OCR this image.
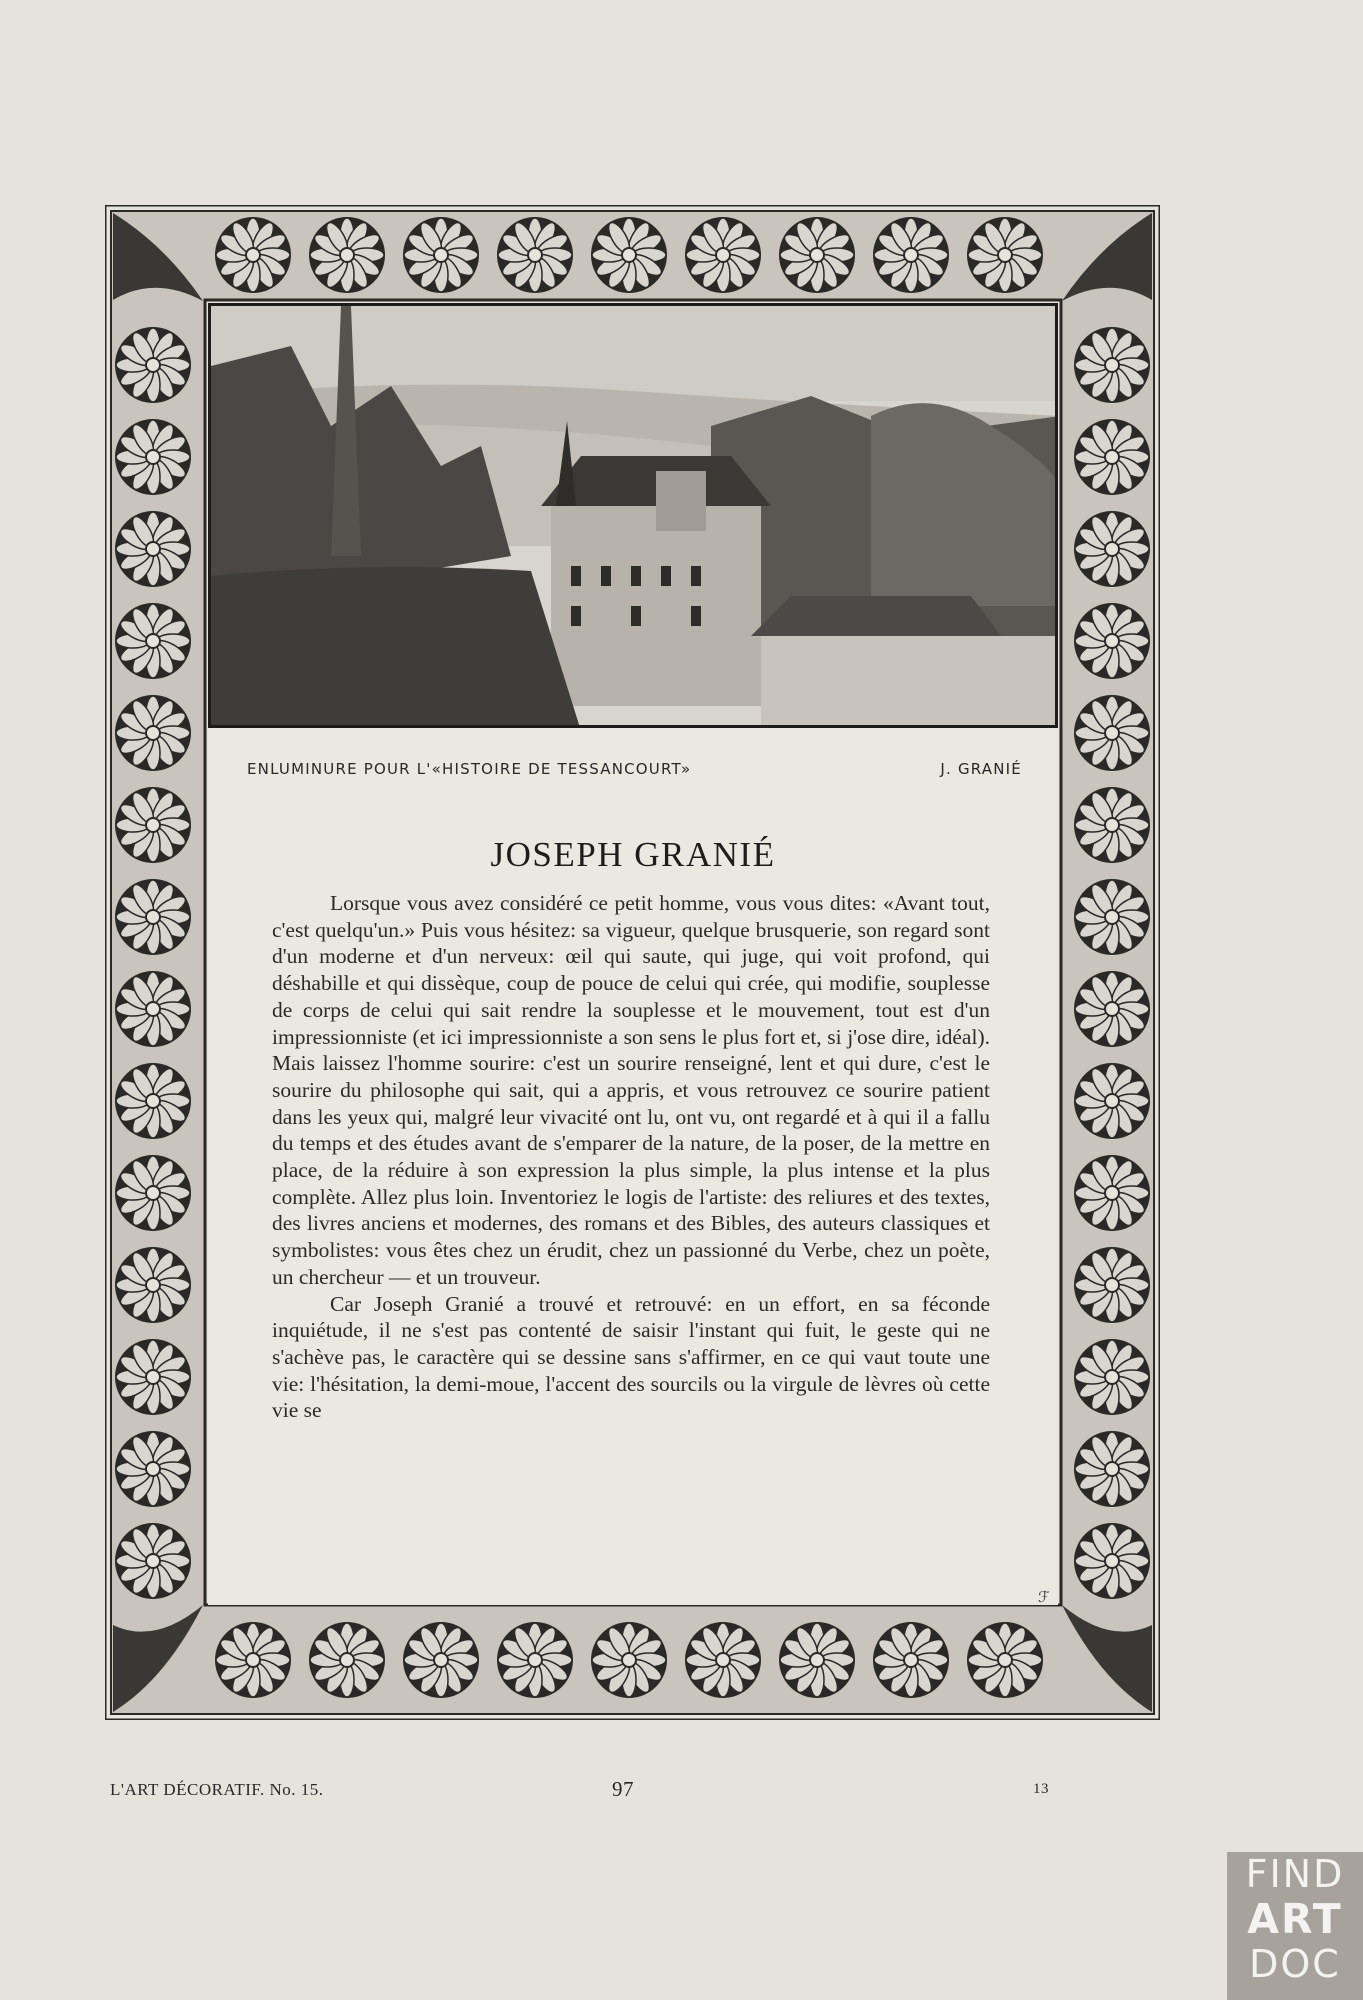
ENLUMINURE POUR L'«HISTOIRE DE TESSANCOURT»	J. GRANIÉ
JOSEPH GRANIÉ

Lorsque vous avez considéré ce petit homme, vous vous dites: «Avant tout, c'est quelqu'un.» Puis vous hésitez: sa vigueur, quelque brusquerie, son regard sont d'un moderne et d'un nerveux: œil qui saute, qui juge, qui voit profond, qui déshabille et qui dissèque, coup de pouce de celui qui crée, qui modifie, souplesse de corps de celui qui sait rendre la souplesse et le mouvement, tout est d'un impressionniste (et ici impressionniste a son sens le plus fort et, si j'ose dire, idéal). Mais laissez l'homme sourire: c'est un sourire renseigné, lent et qui dure, c'est le sourire du philosophe qui sait, qui a appris, et vous retrouvez ce sourire patient dans les yeux qui, malgré leur vivacité ont lu, ont vu, ont regardé et à qui il a fallu du temps et des études avant de s'emparer de la nature, de la poser, de la mettre en place, de la réduire à son expression la plus simple, la plus intense et la plus complète. Allez plus loin. Inventoriez le logis de l'artiste: des reliures et des textes, des livres anciens et modernes, des romans et des Bibles, des auteurs classiques et symbolistes: vous êtes chez un érudit, chez un passionné du Verbe, chez un poète, un chercheur — et un trouveur.

Car Joseph Granié a trouvé et retrouvé: en un effort, en sa féconde inquiétude, il ne s'est pas contenté de saisir l'instant qui fuit, le geste qui ne s'achève pas, le caractère qui se dessine sans s'affirmer, en ce qui vaut toute une vie: l'hésitation, la demi-moue, l'accent des sourcils ou la virgule de lèvres où cette vie se

ℱ
L'ART DÉCORATIF. No. 15.	97	13
FIND
ART
DOC
